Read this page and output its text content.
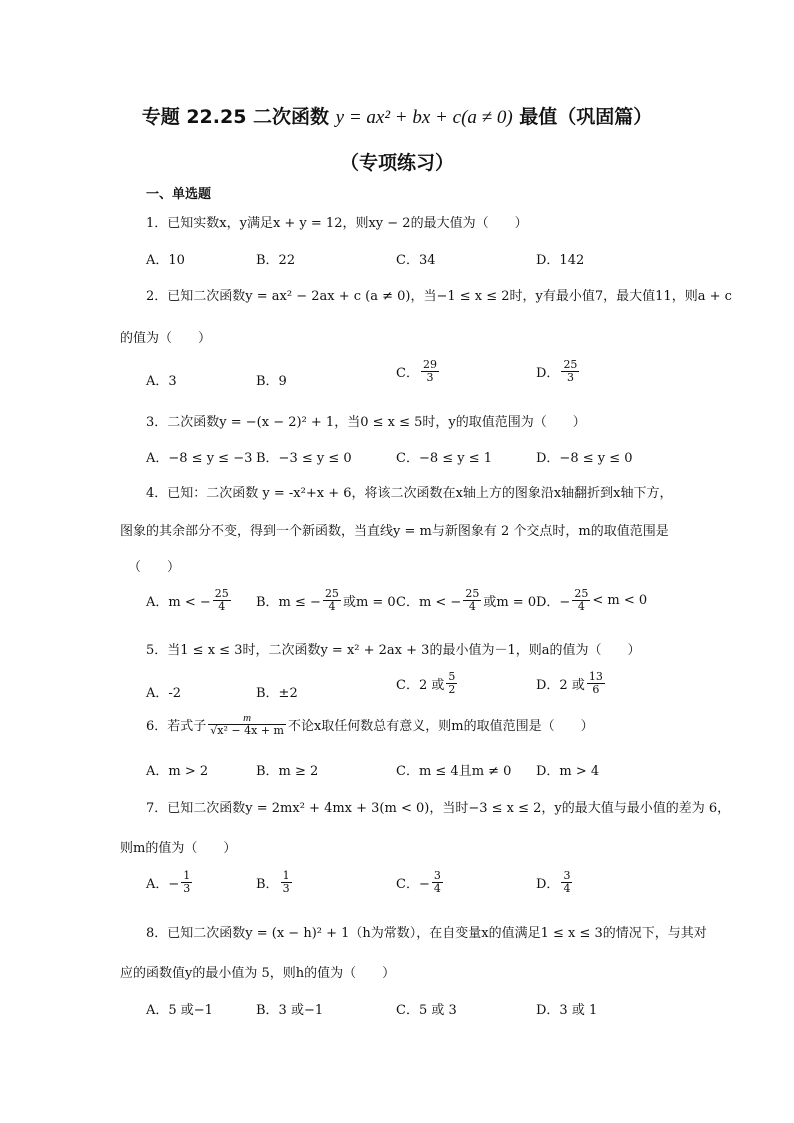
专题 22.25 二次函数 y = ax² + bx + c(a ≠ 0) 最值（巩固篇）
（专项练习）
一、单选题
1．已知实数x，y满足x + y = 12，则xy − 2的最大值为（　　）
A．10	B．22	C．34	D．142
2．已知二次函数y = ax² − 2ax + c (a ≠ 0)，当−1 ≤ x ≤ 2时，y有最小值7，最大值11，则a + c
的值为（　　）
A．3	B．9
C． $\frac{29}{3}$	D． $\frac{25}{3}$
3．二次函数y = −(x − 2)² + 1，当0 ≤ x ≤ 5时，y的取值范围为（　　）
A．−8 ≤ y ≤ −3 B．−3 ≤ y ≤ 0	C．−8 ≤ y ≤ 1	D．−8 ≤ y ≤ 0
4．已知：二次函数 y = -x²+x + 6，将该二次函数在x轴上方的图象沿x轴翻折到x轴下方，
图象的其余部分不变，得到一个新函数，当直线y = m与新图象有 2 个交点时，m的取值范围是
（　　）
A．m < − $\frac{25}{4}$ B．m ≤ − $\frac{25}{4}$ 或m = 0 C．m < − $\frac{25}{4}$ 或m = 0 D．− $\frac{25}{4} < m < 0$
5．当1 ≤ x ≤ 3时，二次函数y = x² + 2ax + 3的最小值为－1，则a的值为（　　）
A．-2	B．±2
C．2 或 $\frac{5}{2}$	D．2 或 $\frac{13}{6}$
6．若式子 $\frac{m}{\text{√x² − 4x + m}}$ 不论x取任何数总有意义，则m的取值范围是（　　）
A．m > 2	B．m ≥ 2	C．m ≤ 4且m ≠ 0 D．m > 4
7．已知二次函数y = 2mx² + 4mx + 3(m < 0)，当时−3 ≤ x ≤ 2，y的最大值与最小值的差为 6，
则m的值为（　　）
A．− $\frac{1}{3}$	B． $\frac{1}{3}$	C．− $\frac{3}{4}$	D． $\frac{3}{4}$
8．已知二次函数y = (x − h)² + 1（h为常数），在自变量x的值满足1 ≤ x ≤ 3的情况下，与其对
应的函数值y的最小值为 5，则h的值为（　　）
A．5 或−1	B．3 或−1	C．5 或 3	D．3 或 1
